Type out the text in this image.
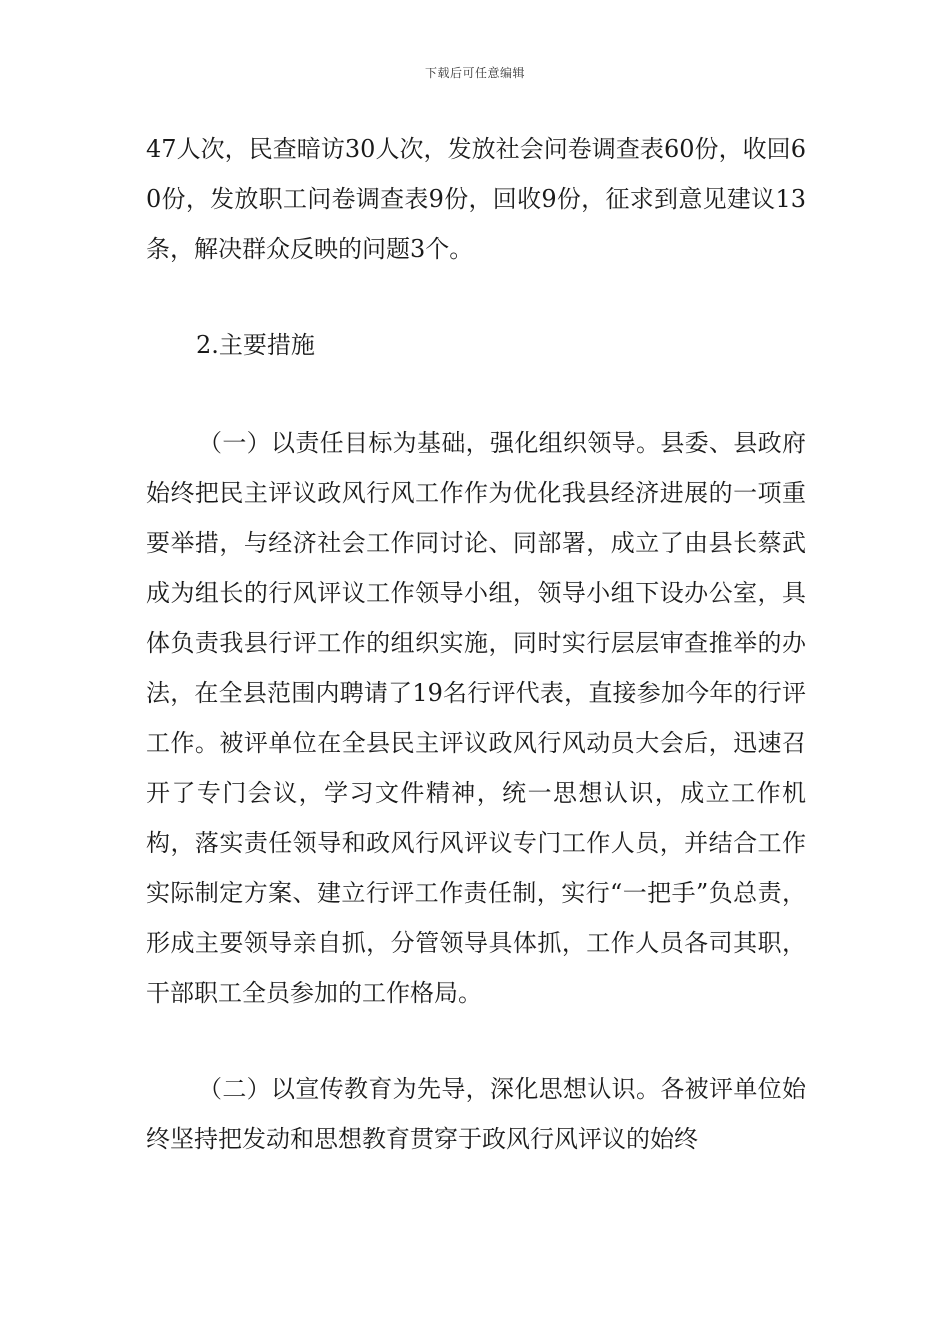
下载后可任意编辑

47人次，民查暗访30人次，发放社会问卷调查表60份，收回60份，发放职工问卷调查表9份，回收9份，征求到意见建议13条，解决群众反映的问题3个。

2.主要措施

（一）以责任目标为基础，强化组织领导。县委、县政府始终把民主评议政风行风工作作为优化我县经济进展的一项重要举措，与经济社会工作同讨论、同部署，成立了由县长蔡武成为组长的行风评议工作领导小组，领导小组下设办公室，具体负责我县行评工作的组织实施，同时实行层层审查推举的办法，在全县范围内聘请了19名行评代表，直接参加今年的行评工作。被评单位在全县民主评议政风行风动员大会后，迅速召开了专门会议，学习文件精神，统一思想认识，成立工作机构，落实责任领导和政风行风评议专门工作人员，并结合工作实际制定方案、建立行评工作责任制，实行“一把手”负总责，形成主要领导亲自抓，分管领导具体抓，工作人员各司其职，干部职工全员参加的工作格局。

（二）以宣传教育为先导，深化思想认识。各被评单位始终坚持把发动和思想教育贯穿于政风行风评议的始终
